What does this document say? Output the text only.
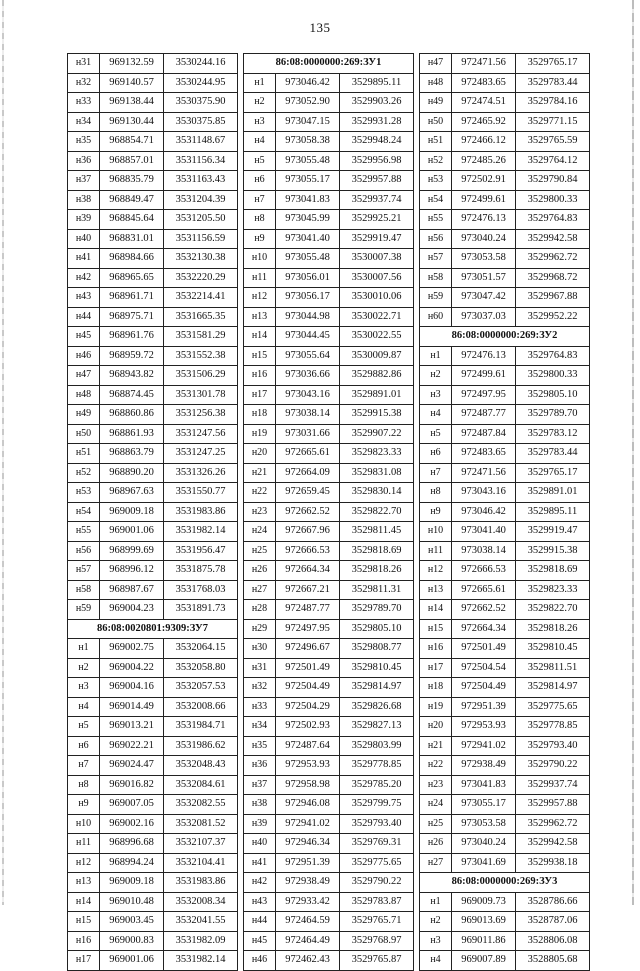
135
н31	969132.59	3530244.16
н32	969140.57	3530244.95
н33	969138.44	3530375.90
н34	969130.44	3530375.85
н35	968854.71	3531148.67
н36	968857.01	3531156.34
н37	968835.79	3531163.43
н38	968849.47	3531204.39
н39	968845.64	3531205.50
н40	968831.01	3531156.59
н41	968984.66	3532130.38
н42	968965.65	3532220.29
н43	968961.71	3532214.41
н44	968975.71	3531665.35
н45	968961.76	3531581.29
н46	968959.72	3531552.38
н47	968943.82	3531506.29
н48	968874.45	3531301.78
н49	968860.86	3531256.38
н50	968861.93	3531247.56
н51	968863.79	3531247.25
н52	968890.20	3531326.26
н53	968967.63	3531550.77
н54	969009.18	3531983.86
н55	969001.06	3531982.14
н56	968999.69	3531956.47
н57	968996.12	3531875.78
н58	968987.67	3531768.03
н59	969004.23	3531891.73
86:08:0020801:9309:ЗУ7		
н1	969002.75	3532064.15
н2	969004.22	3532058.80
н3	969004.16	3532057.53
н4	969014.49	3532008.66
н5	969013.21	3531984.71
н6	969022.21	3531986.62
н7	969024.47	3532048.43
н8	969016.82	3532084.61
н9	969007.05	3532082.55
н10	969002.16	3532081.52
н11	968996.68	3532107.37
н12	968994.24	3532104.41
н13	969009.18	3531983.86
н14	969010.48	3532008.34
н15	969003.45	3532041.55
н16	969000.83	3531982.09
н17	969001.06	3531982.14
86:08:0000000:269:ЗУ1		
н1	973046.42	3529895.11
н2	973052.90	3529903.26
н3	973047.15	3529931.28
н4	973058.38	3529948.24
н5	973055.48	3529956.98
н6	973055.17	3529957.88
н7	973041.83	3529937.74
н8	973045.99	3529925.21
н9	973041.40	3529919.47
н10	973055.48	3530007.38
н11	973056.01	3530007.56
н12	973056.17	3530010.06
н13	973044.98	3530022.71
н14	973044.45	3530022.55
н15	973055.64	3530009.87
н16	973036.66	3529882.86
н17	973043.16	3529891.01
н18	973038.14	3529915.38
н19	973031.66	3529907.22
н20	972665.61	3529823.33
н21	972664.09	3529831.08
н22	972659.45	3529830.14
н23	972662.52	3529822.70
н24	972667.96	3529811.45
н25	972666.53	3529818.69
н26	972664.34	3529818.26
н27	972667.21	3529811.31
н28	972487.77	3529789.70
н29	972497.95	3529805.10
н30	972496.67	3529808.77
н31	972501.49	3529810.45
н32	972504.49	3529814.97
н33	972504.29	3529826.68
н34	972502.93	3529827.13
н35	972487.64	3529803.99
н36	972953.93	3529778.85
н37	972958.98	3529785.20
н38	972946.08	3529799.75
н39	972941.02	3529793.40
н40	972946.34	3529769.31
н41	972951.39	3529775.65
н42	972938.49	3529790.22
н43	972933.42	3529783.87
н44	972464.59	3529765.71
н45	972464.49	3529768.97
н46	972462.43	3529765.87
н47	972471.56	3529765.17
н48	972483.65	3529783.44
н49	972474.51	3529784.16
н50	972465.92	3529771.15
н51	972466.12	3529765.59
н52	972485.26	3529764.12
н53	972502.91	3529790.84
н54	972499.61	3529800.33
н55	972476.13	3529764.83
н56	973040.24	3529942.58
н57	973053.58	3529962.72
н58	973051.57	3529968.72
н59	973047.42	3529967.88
н60	973037.03	3529952.22
86:08:0000000:269:ЗУ2		
н1	972476.13	3529764.83
н2	972499.61	3529800.33
н3	972497.95	3529805.10
н4	972487.77	3529789.70
н5	972487.84	3529783.12
н6	972483.65	3529783.44
н7	972471.56	3529765.17
н8	973043.16	3529891.01
н9	973046.42	3529895.11
н10	973041.40	3529919.47
н11	973038.14	3529915.38
н12	972666.53	3529818.69
н13	972665.61	3529823.33
н14	972662.52	3529822.70
н15	972664.34	3529818.26
н16	972501.49	3529810.45
н17	972504.54	3529811.51
н18	972504.49	3529814.97
н19	972951.39	3529775.65
н20	972953.93	3529778.85
н21	972941.02	3529793.40
н22	972938.49	3529790.22
н23	973041.83	3529937.74
н24	973055.17	3529957.88
н25	973053.58	3529962.72
н26	973040.24	3529942.58
н27	973041.69	3529938.18
86:08:0000000:269:ЗУ3		
н1	969009.73	3528786.66
н2	969013.69	3528787.06
н3	969011.86	3528806.08
н4	969007.89	3528805.68
